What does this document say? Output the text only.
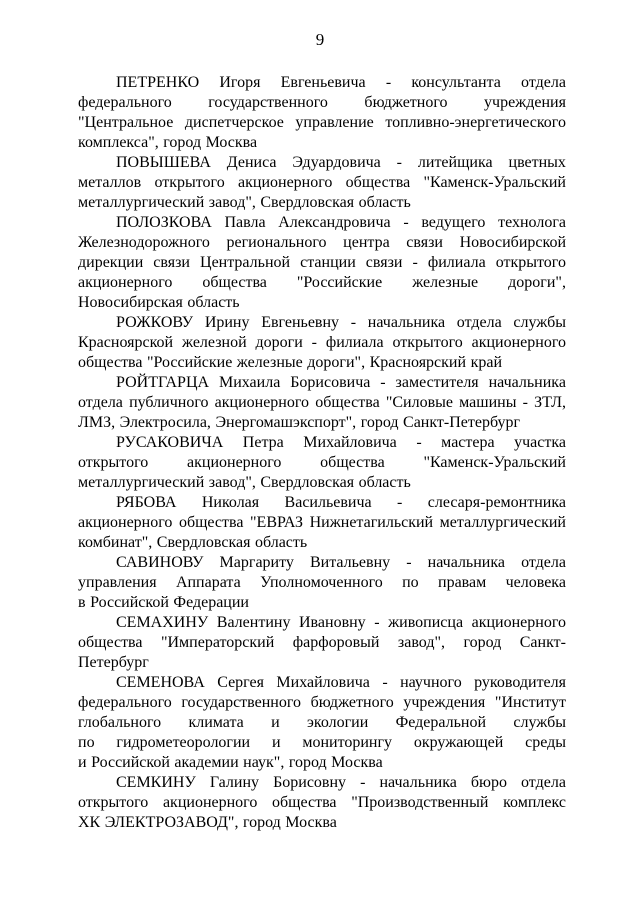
9
ПЕТРЕНКО Игоря Евгеньевича - консультанта отдела
федерального государственного бюджетного учреждения
"Центральное диспетчерское управление топливно-энергетического
комплекса", город Москва
ПОВЫШЕВА Дениса Эдуардовича - литейщика цветных
металлов открытого акционерного общества "Каменск-Уральский
металлургический завод", Свердловская область
ПОЛОЗКОВА Павла Александровича - ведущего технолога
Железнодорожного регионального центра связи Новосибирской
дирекции связи Центральной станции связи - филиала открытого
акционерного общества "Российские железные дороги",
Новосибирская область
РОЖКОВУ Ирину Евгеньевну - начальника отдела службы
Красноярской железной дороги - филиала открытого акционерного
общества "Российские железные дороги", Красноярский край
РОЙТГАРЦА Михаила Борисовича - заместителя начальника
отдела публичного акционерного общества "Силовые машины - ЗТЛ,
ЛМЗ, Электросила, Энергомашэкспорт", город Санкт-Петербург
РУСАКОВИЧА Петра Михайловича - мастера участка
открытого акционерного общества "Каменск-Уральский
металлургический завод", Свердловская область
РЯБОВА Николая Васильевича - слесаря-ремонтника
акционерного общества "ЕВРАЗ Нижнетагильский металлургический
комбинат", Свердловская область
САВИНОВУ Маргариту Витальевну - начальника отдела
управления Аппарата Уполномоченного по правам человека
в Российской Федерации
СЕМАХИНУ Валентину Ивановну - живописца акционерного
общества "Императорский фарфоровый завод", город Санкт-
Петербург
СЕМЕНОВА Сергея Михайловича - научного руководителя
федерального государственного бюджетного учреждения "Институт
глобального климата и экологии Федеральной службы
по гидрометеорологии и мониторингу окружающей среды
и Российской академии наук", город Москва
СЕМКИНУ Галину Борисовну - начальника бюро отдела
открытого акционерного общества "Производственный комплекс
ХК ЭЛЕКТРОЗАВОД", город Москва
